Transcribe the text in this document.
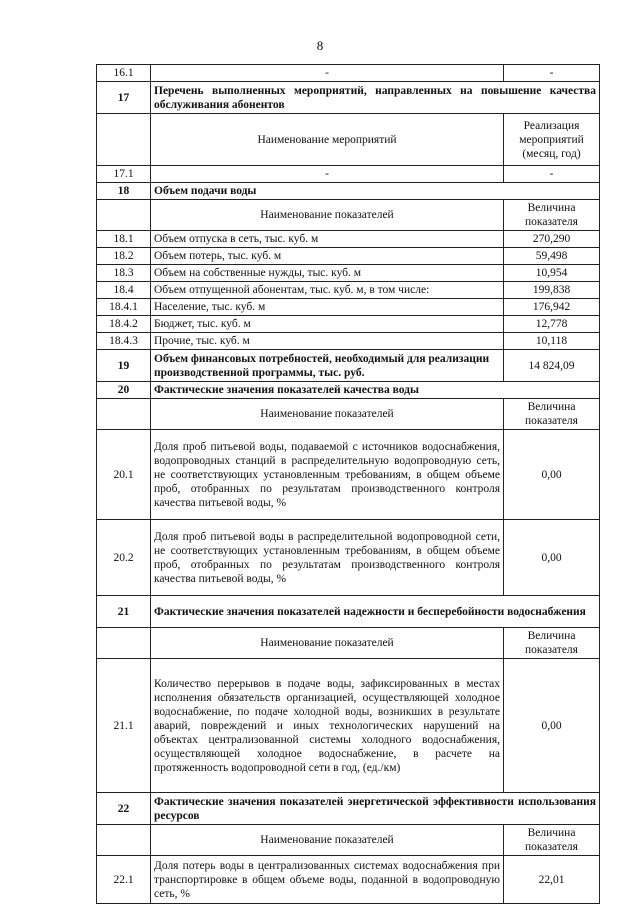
8
16.1	-	-
17	Перечень выполненных мероприятий, направленных на повышение качества обслуживания абонентов	
	Наименование мероприятий	Реализация мероприятий (месяц, год)
17.1	-	-
18	Объем подачи воды	
	Наименование показателей	Величина показателя
18.1	Объем отпуска в сеть, тыс. куб. м	270,290
18.2	Объем потерь, тыс. куб. м	59,498
18.3	Объем на собственные нужды, тыс. куб. м	10,954
18.4	Объем отпущенной абонентам, тыс. куб. м, в том числе:	199,838
18.4.1	Население, тыс. куб. м	176,942
18.4.2	Бюджет, тыс. куб. м	12,778
18.4.3	Прочие, тыс. куб. м	10,118
19	Объем финансовых потребностей, необходимый для реализации производственной программы, тыс. руб.	14 824,09
20	Фактические значения показателей качества воды	
	Наименование показателей	Величина показателя
20.1	Доля проб питьевой воды, подаваемой с источников водоснабжения, водопроводных станций в распределительную водопроводную сеть, не соответствующих установленным требованиям, в общем объеме проб, отобранных по результатам производственного контроля качества питьевой воды, %	0,00
20.2	Доля проб питьевой воды в распределительной водопроводной сети, не соответствующих установленным требованиям, в общем объеме проб, отобранных по результатам производственного контроля качества питьевой воды, %	0,00
21	Фактические значения показателей надежности и бесперебойности водоснабжения	
	Наименование показателей	Величина показателя
21.1	Количество перерывов в подаче воды, зафиксированных в местах исполнения обязательств организацией, осуществляющей холодное водоснабжение, по подаче холодной воды, возникших в результате аварий, повреждений и иных технологических нарушений на объектах централизованной системы холодного водоснабжения, осуществляющей холодное водоснабжение, в расчете на протяженность водопроводной сети в год, (ед./км)	0,00
22	Фактические значения показателей энергетической эффективности использования ресурсов	
	Наименование показателей	Величина показателя
22.1	Доля потерь воды в централизованных системах водоснабжения при транспортировке в общем объеме воды, поданной в водопроводную сеть, %	22,01
